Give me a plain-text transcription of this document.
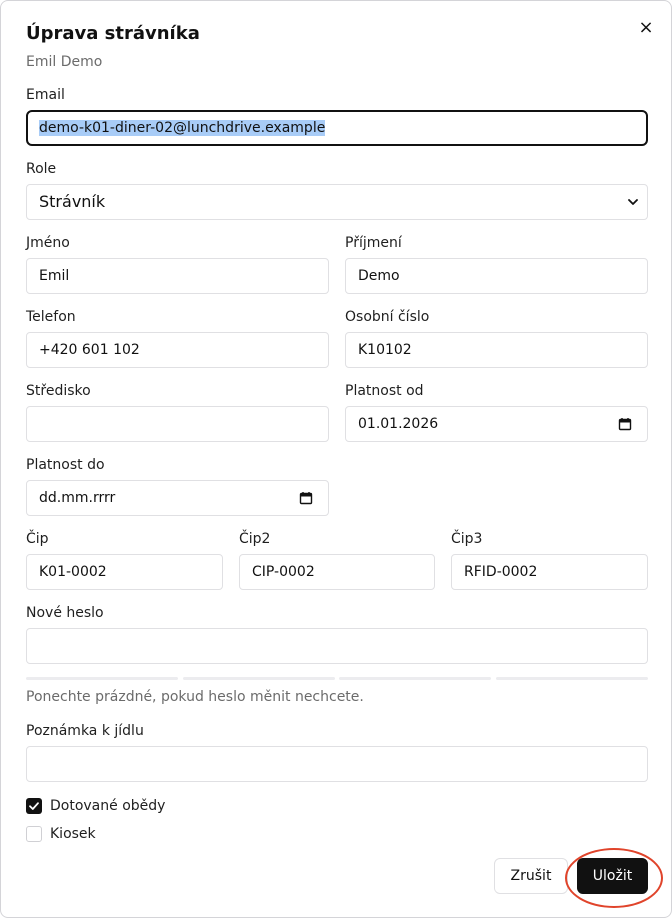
Úprava strávníka
Emil Demo
×
Email
demo-k01-diner-02@lunchdrive.example
Role
Strávník
Jméno
Emil
Příjmení
Demo
Telefon
+420 601 102
Osobní číslo
K10102
Středisko	Platnost od
01.01.2026
Platnost do
dd.mm.rrrr
Čip
K01-0002
Čip2
CIP-0002
Čip3
RFID-0002
Nové heslo
Ponechte prázdné, pokud heslo měnit nechcete.
Poznámka k jídlu
Dotované obědy
Kiosek
Zrušit	Uložit
